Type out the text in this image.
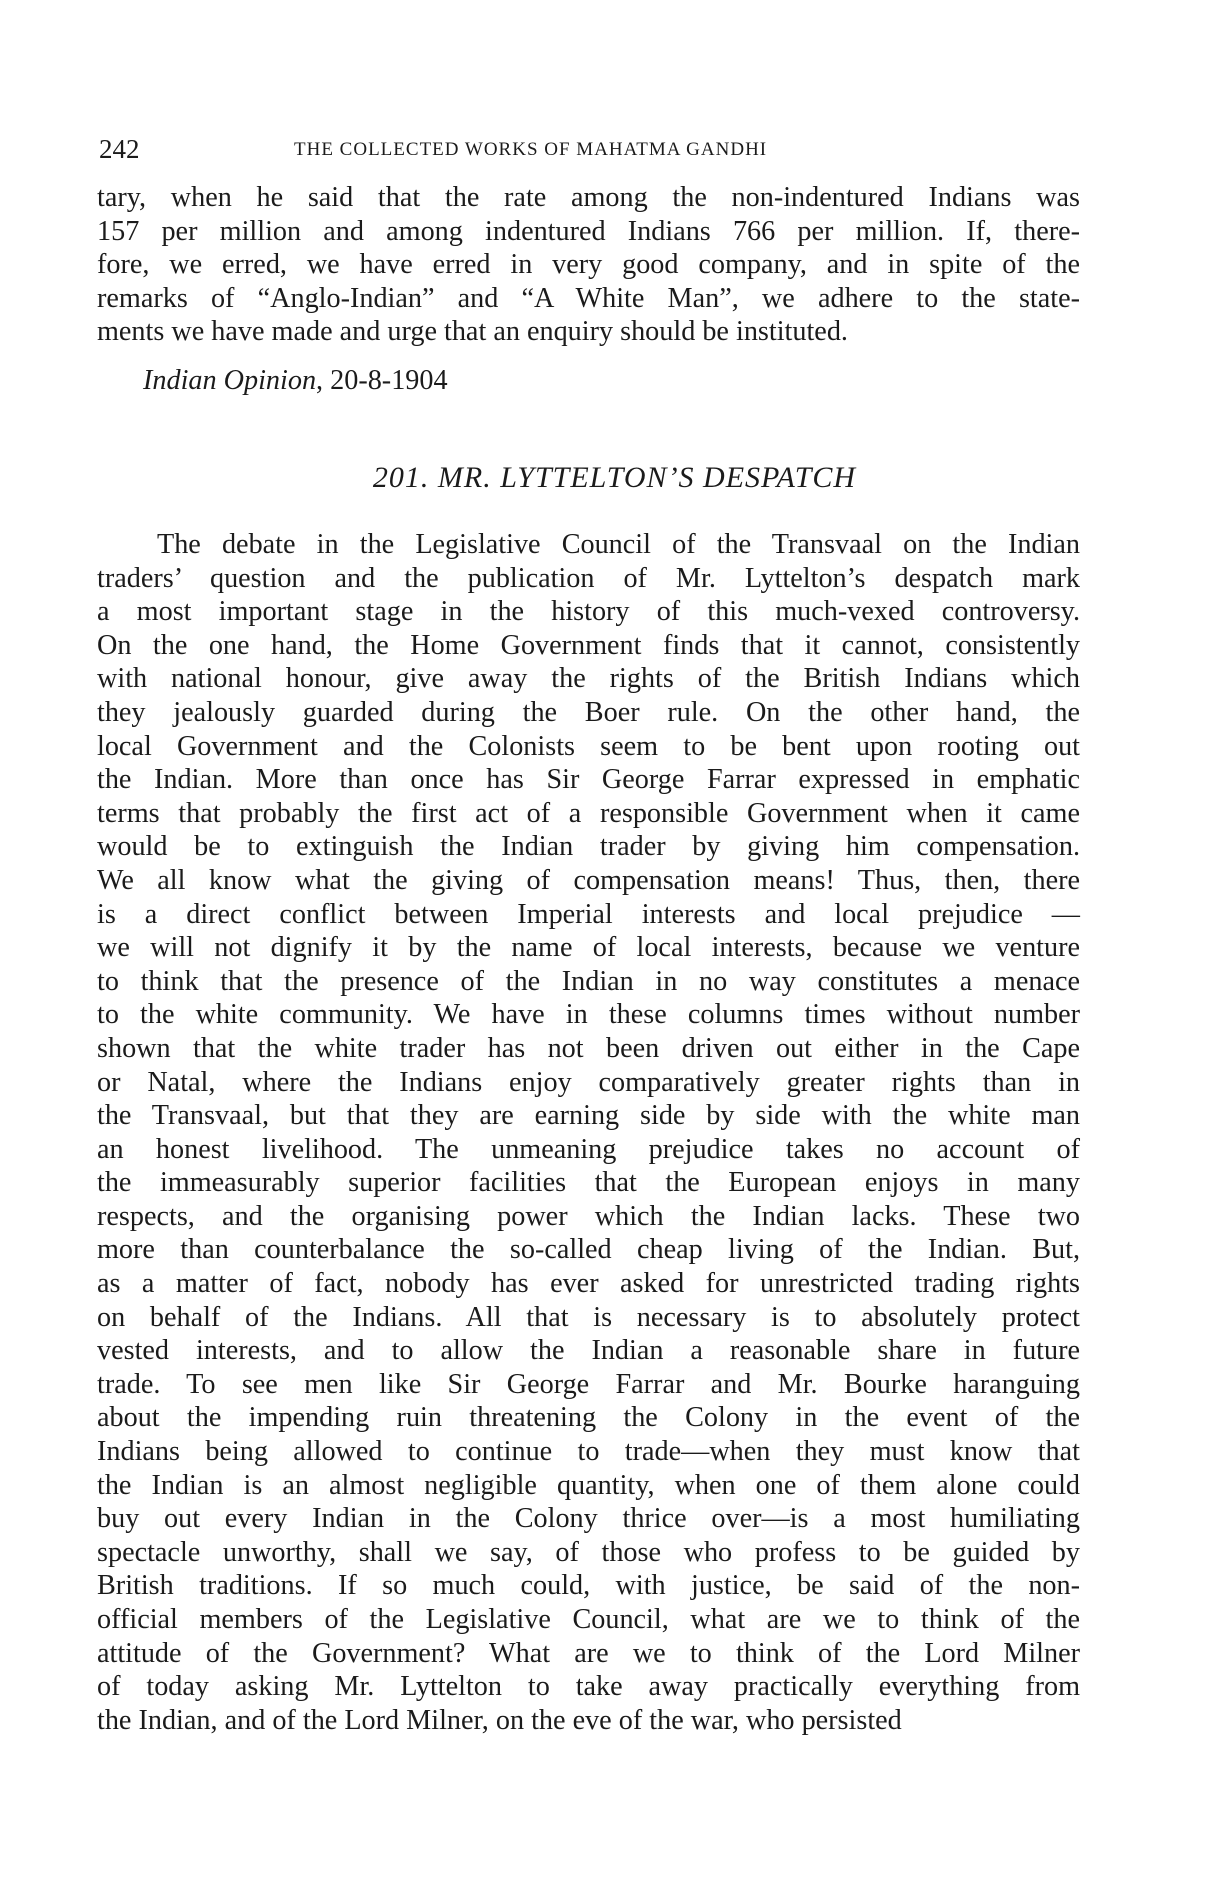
242	THE COLLECTED WORKS OF MAHATMA GANDHI
tary, when he said that the rate among the non-indentured Indians was
157 per million and among indentured Indians 766 per million. If, there-
fore, we erred, we have erred in very good company, and in spite of the
remarks of “Anglo-Indian” and “A White Man”, we adhere to the state-
ments we have made and urge that an enquiry should be instituted.
Indian Opinion, 20-8-1904
201. MR. LYTTELTON’S DESPATCH
The debate in the Legislative Council of the Transvaal on the Indian
traders’ question and the publication of Mr. Lyttelton’s despatch mark
a most important stage in the history of this much-vexed controversy.
On the one hand, the Home Government finds that it cannot, consistently
with national honour, give away the rights of the British Indians which
they jealously guarded during the Boer rule. On the other hand, the
local Government and the Colonists seem to be bent upon rooting out
the Indian. More than once has Sir George Farrar expressed in emphatic
terms that probably the first act of a responsible Government when it came
would be to extinguish the Indian trader by giving him compensation.
We all know what the giving of compensation means! Thus, then, there
is a direct conflict between Imperial interests and local prejudice —
we will not dignify it by the name of local interests, because we venture
to think that the presence of the Indian in no way constitutes a menace
to the white community. We have in these columns times without number
shown that the white trader has not been driven out either in the Cape
or Natal, where the Indians enjoy comparatively greater rights than in
the Transvaal, but that they are earning side by side with the white man
an honest livelihood. The unmeaning prejudice takes no account of
the immeasurably superior facilities that the European enjoys in many
respects, and the organising power which the Indian lacks. These two
more than counterbalance the so-called cheap living of the Indian. But,
as a matter of fact, nobody has ever asked for unrestricted trading rights
on behalf of the Indians. All that is necessary is to absolutely protect
vested interests, and to allow the Indian a reasonable share in future
trade. To see men like Sir George Farrar and Mr. Bourke haranguing
about the impending ruin threatening the Colony in the event of the
Indians being allowed to continue to trade—when they must know that
the Indian is an almost negligible quantity, when one of them alone could
buy out every Indian in the Colony thrice over—is a most humiliating
spectacle unworthy, shall we say, of those who profess to be guided by
British traditions. If so much could, with justice, be said of the non-
official members of the Legislative Council, what are we to think of the
attitude of the Government? What are we to think of the Lord Milner
of today asking Mr. Lyttelton to take away practically everything from
the Indian, and of the Lord Milner, on the eve of the war, who persisted
